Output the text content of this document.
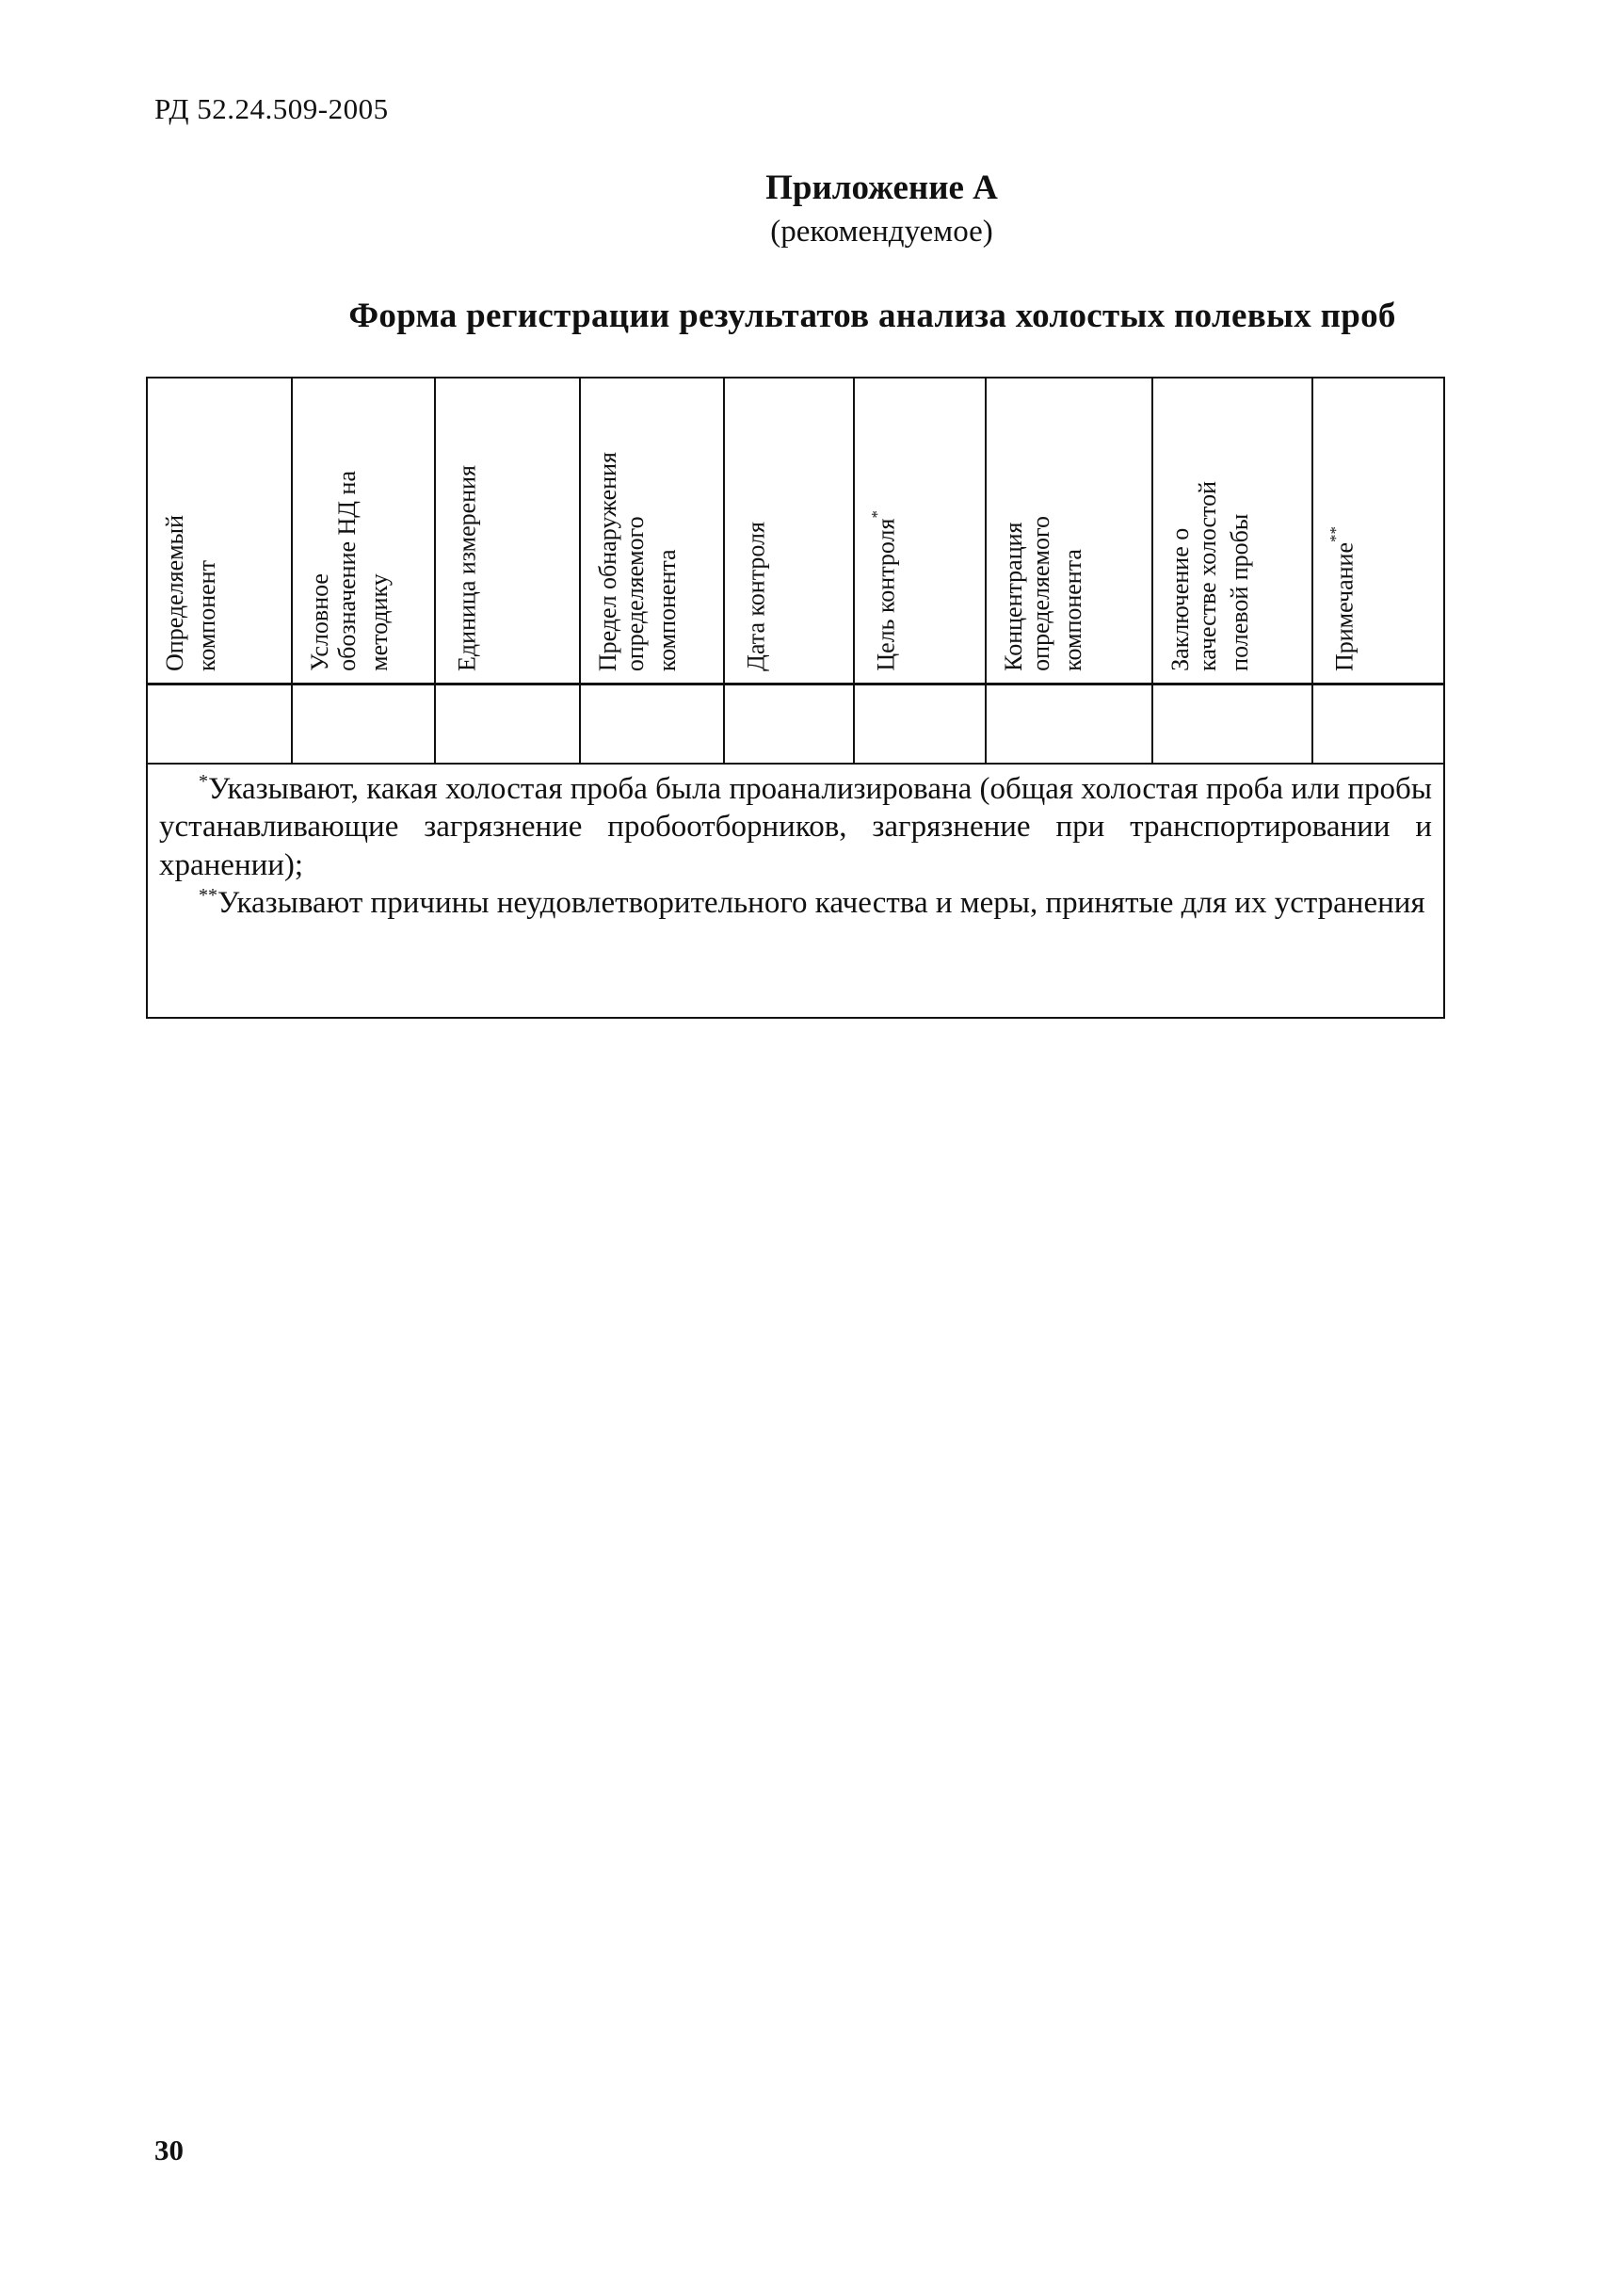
РД 52.24.509-2005
Приложение А
(рекомендуемое)
Форма регистрации результатов анализа холостых полевых проб
Определяемый
компонент	Условное
обозначение НД на
методику	Единица измерения	Предел обнаружения
определяемого
компонента	Дата контроля	Цель контроля*	Концентрация
определяемого
компонента	Заключение о
качестве холостой
полевой пробы	Примечание**

*Указывают, какая холостая проба была проанализирована (общая холостая проба или пробы устанавливающие загрязнение пробоотборников, загрязнение при транспортировании и хранении);
**Указывают причины неудовлетворительного качества и меры, принятые для их устранения								
30
